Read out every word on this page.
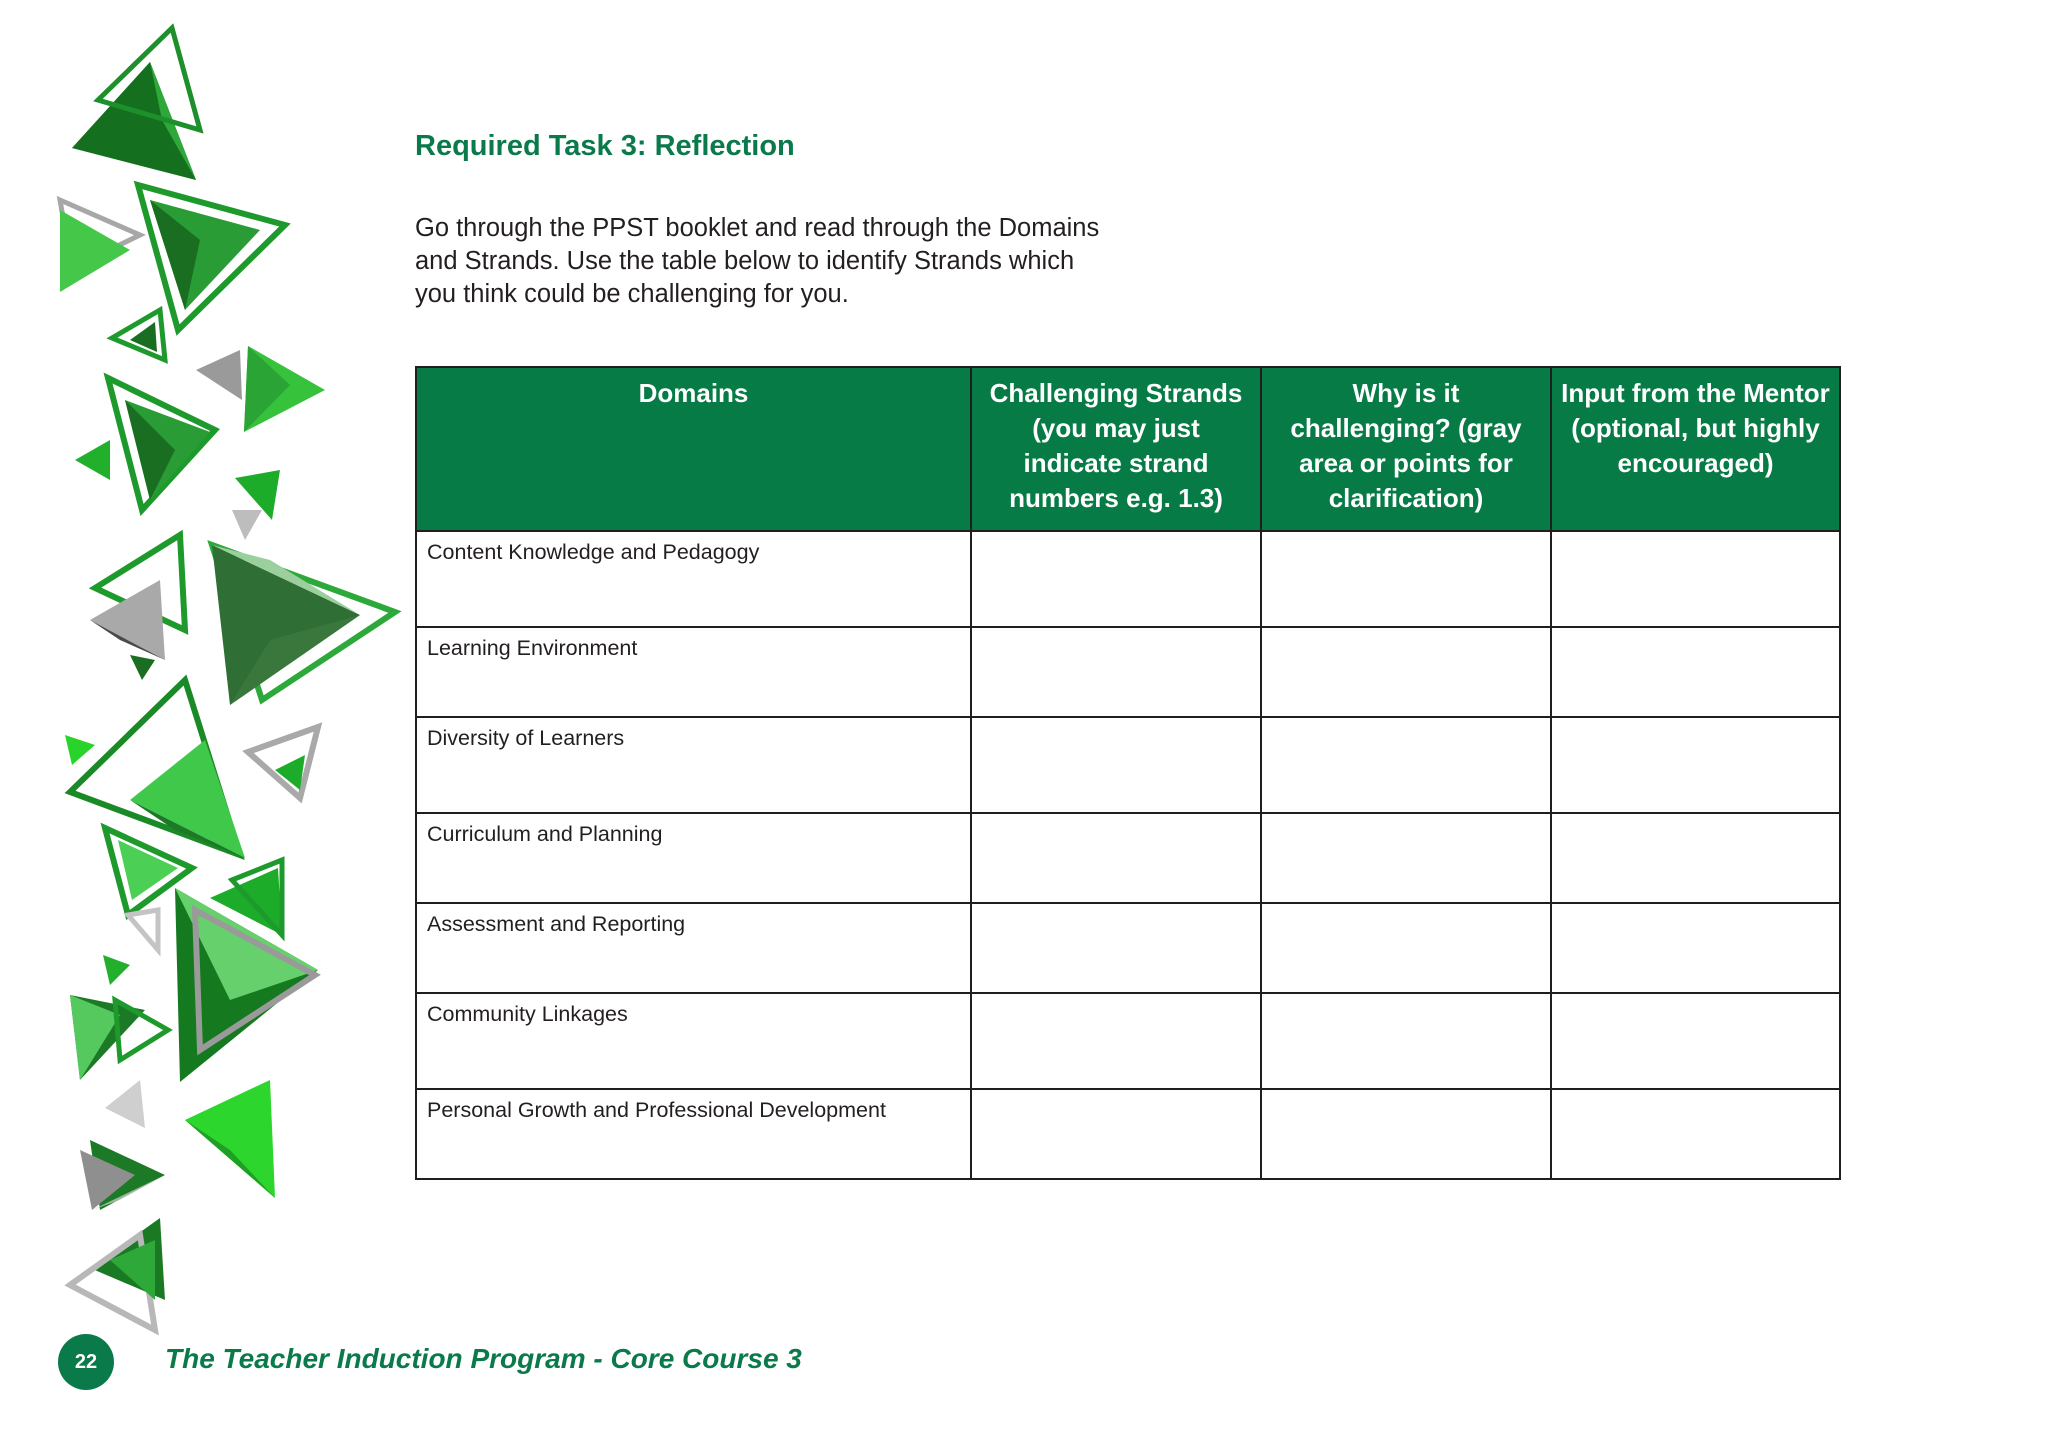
Required Task 3: Reflection

Go through the PPST booklet and read through the Domains and Strands. Use the table below to identify Strands which you think could be challenging for you.

Domains	Challenging Strands (you may just indicate strand numbers e.g. 1.3)	Why is it challenging? (gray area or points for clarification)	Input from the Mentor (optional, but highly encouraged)
Content Knowledge and Pedagogy			
Learning Environment			
Diversity of Learners			
Curriculum and Planning			
Assessment and Reporting			
Community Linkages			
Personal Growth and Professional Development			
22	The Teacher Induction Program - Core Course 3
